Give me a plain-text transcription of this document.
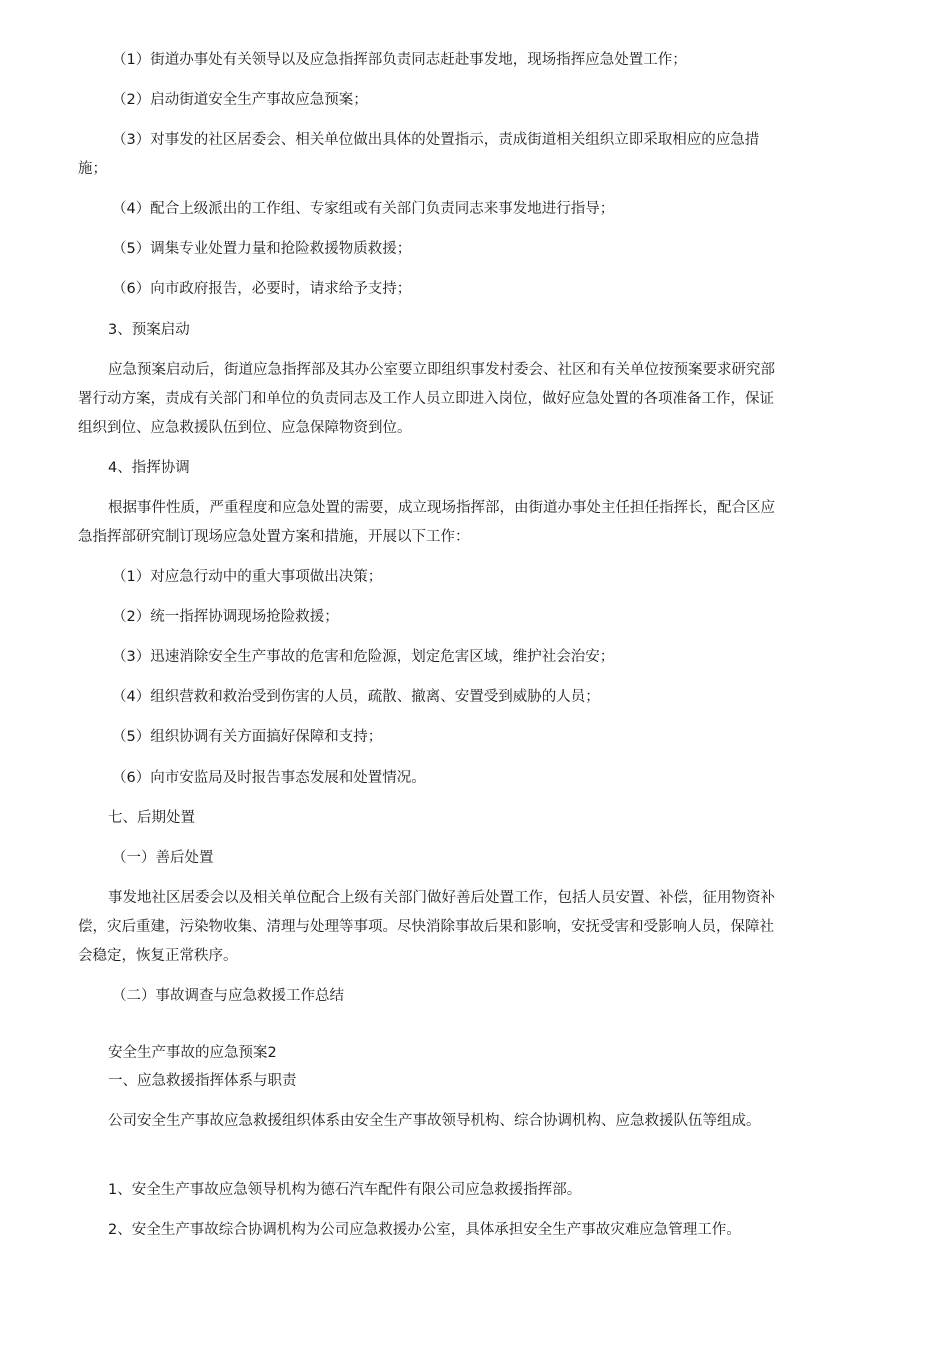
（1）街道办事处有关领导以及应急指挥部负责同志赶赴事发地，现场指挥应急处置工作；

（2）启动街道安全生产事故应急预案；

（3）对事发的社区居委会、相关单位做出具体的处置指示，责成街道相关组织立即采取相应的应急措施；

（4）配合上级派出的工作组、专家组或有关部门负责同志来事发地进行指导；

（5）调集专业处置力量和抢险救援物质救援；

（6）向市政府报告，必要时，请求给予支持；

3、预案启动

应急预案启动后，街道应急指挥部及其办公室要立即组织事发村委会、社区和有关单位按预案要求研究部署行动方案，责成有关部门和单位的负责同志及工作人员立即进入岗位，做好应急处置的各项准备工作，保证组织到位、应急救援队伍到位、应急保障物资到位。

4、指挥协调

根据事件性质，严重程度和应急处置的需要，成立现场指挥部，由街道办事处主任担任指挥长，配合区应急指挥部研究制订现场应急处置方案和措施，开展以下工作：

（1）对应急行动中的重大事项做出决策；

（2）统一指挥协调现场抢险救援；

（3）迅速消除安全生产事故的危害和危险源，划定危害区域，维护社会治安；

（4）组织营救和救治受到伤害的人员，疏散、撤离、安置受到威胁的人员；

（5）组织协调有关方面搞好保障和支持；

（6）向市安监局及时报告事态发展和处置情况。

七、后期处置

（一）善后处置

事发地社区居委会以及相关单位配合上级有关部门做好善后处置工作，包括人员安置、补偿，征用物资补偿，灾后重建，污染物收集、清理与处理等事项。尽快消除事故后果和影响，安抚受害和受影响人员，保障社会稳定，恢复正常秩序。

（二）事故调查与应急救援工作总结

安全生产事故的应急预案2

一、应急救援指挥体系与职责

公司安全生产事故应急救援组织体系由安全生产事故领导机构、综合协调机构、应急救援队伍等组成。

1、安全生产事故应急领导机构为德石汽车配件有限公司应急救援指挥部。

2、安全生产事故综合协调机构为公司应急救援办公室，具体承担安全生产事故灾难应急管理工作。
